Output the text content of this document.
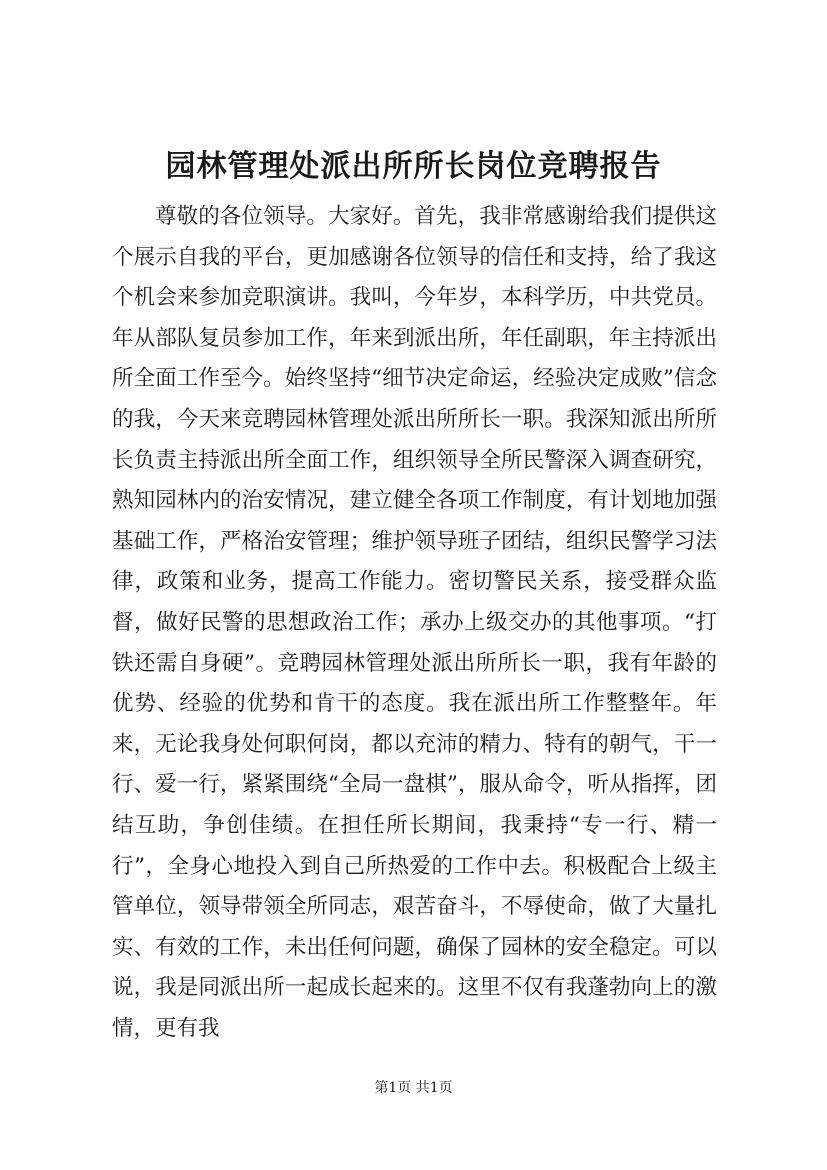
园林管理处派出所所长岗位竞聘报告

尊敬的各位领导。大家好。首先，我非常感谢给我们提供这个展示自我的平台，更加感谢各位领导的信任和支持，给了我这个机会来参加竞职演讲。我叫，今年岁，本科学历，中共党员。年从部队复员参加工作，年来到派出所，年任副职，年主持派出所全面工作至今。始终坚持“细节决定命运，经验决定成败”信念的我，今天来竞聘园林管理处派出所所长一职。我深知派出所所长负责主持派出所全面工作，组织领导全所民警深入调查研究，熟知园林内的治安情况，建立健全各项工作制度，有计划地加强基础工作，严格治安管理；维护领导班子团结，组织民警学习法律，政策和业务，提高工作能力。密切警民关系，接受群众监督，做好民警的思想政治工作；承办上级交办的其他事项。“打铁还需自身硬”。竞聘园林管理处派出所所长一职，我有年龄的优势、经验的优势和肯干的态度。我在派出所工作整整年。年来，无论我身处何职何岗，都以充沛的精力、特有的朝气，干一行、爱一行，紧紧围绕“全局一盘棋”，服从命令，听从指挥，团结互助，争创佳绩。在担任所长期间，我秉持“专一行、精一行”，全身心地投入到自己所热爱的工作中去。积极配合上级主管单位，领导带领全所同志，艰苦奋斗，不辱使命，做了大量扎实、有效的工作，未出任何问题，确保了园林的安全稳定。可以说，我是同派出所一起成长起来的。这里不仅有我蓬勃向上的激情，更有我

第1页 共1页
